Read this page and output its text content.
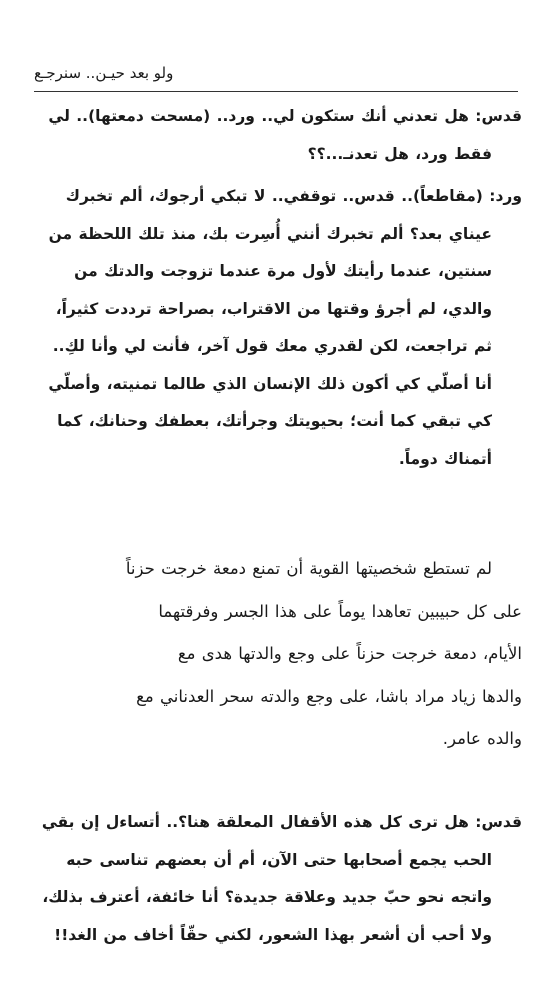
ولو بعد حيـن.. سنرجـع
قدس: هل تعدني أنك ستكون لي.. ورد.. (مسحت دمعتها).. لي
فقط ورد، هل تعدنـ...؟؟
ورد: (مقاطعاً).. قدس.. توقفي.. لا تبكي أرجوك، ألم تخبرك
عيناي بعد؟ ألم تخبرك أنني أُسِرت بك، منذ تلك اللحظة من
سنتين، عندما رأيتك لأول مرة عندما تزوجت والدتك من
والدي، لم أجرؤ وقتها من الاقتراب، بصراحة ترددت كثيراً،
ثم تراجعت، لكن لقدري معك قول آخر، فأنت لي وأنا لكِ..
أنا أصلّي كي أكون ذلك الإنسان الذي طالما تمنيته، وأصلّي
كي تبقي كما أنت؛ بحيويتك وجرأتك، بعطفك وحنانك، كما
أتمناك دوماً.
لم تستطع شخصيتها القوية أن تمنع دمعة خرجت حزناً
على كل حبيبين تعاهدا يوماً على هذا الجسر وفرقتهما
الأيام، دمعة خرجت حزناً على وجع والدتها هدى مع
والدها زياد مراد باشا، على وجع والدته سحر العدناني مع
والده عامر.
قدس: هل ترى كل هذه الأقفال المعلقة هنا؟.. أتساءل إن بقي
الحب يجمع أصحابها حتى الآن، أم أن بعضهم تناسى حبه
واتجه نحو حبّ جديد وعلاقة جديدة؟ أنا خائفة، أعترف بذلك،
ولا أحب أن أشعر بهذا الشعور، لكني حقّاً أخاف من الغد!!
